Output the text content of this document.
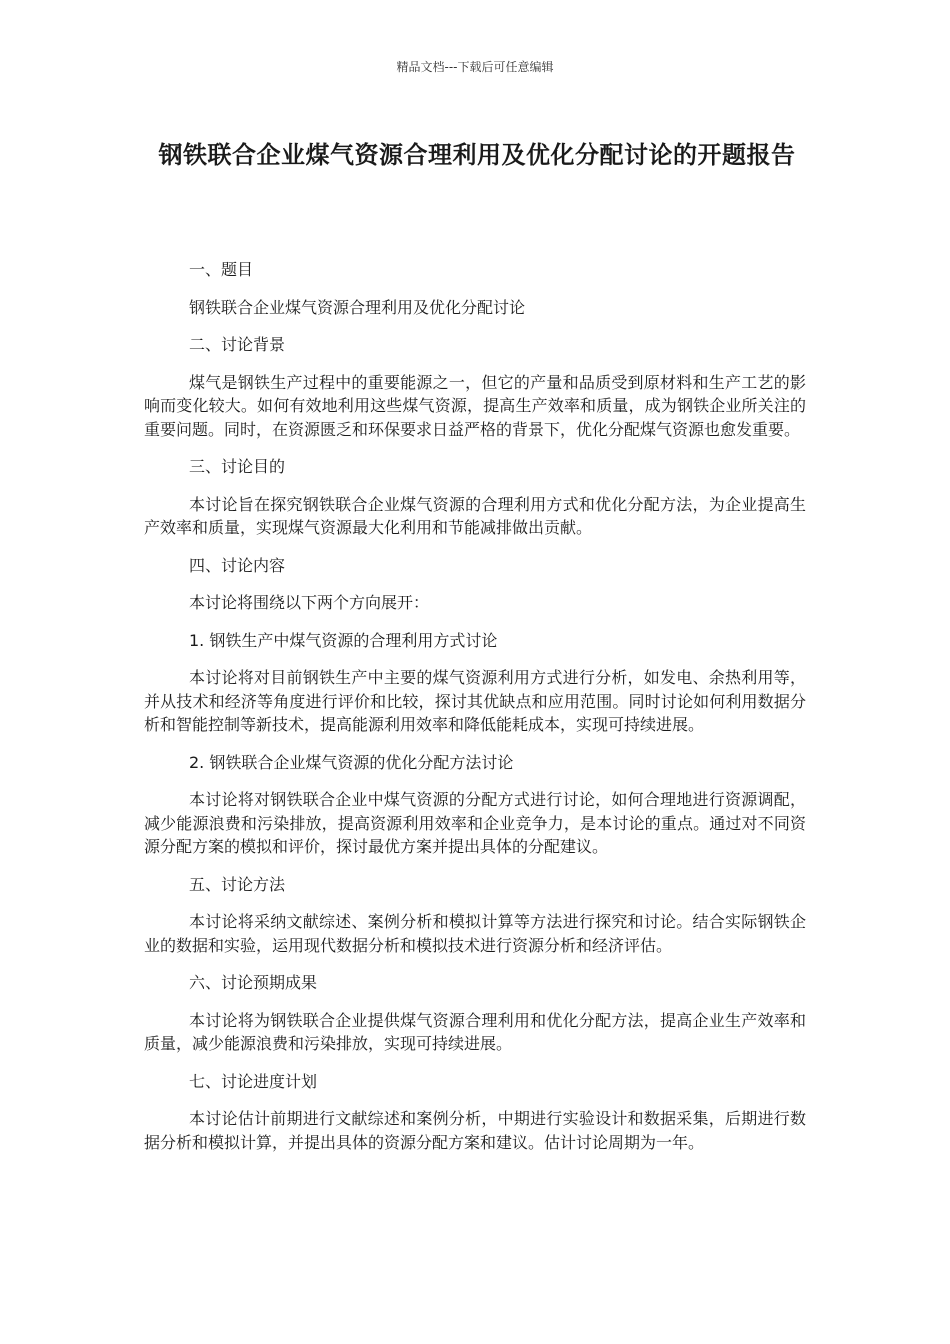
精品文档---下载后可任意编辑
钢铁联合企业煤气资源合理利用及优化分配讨论的开题报告

一、题目

钢铁联合企业煤气资源合理利用及优化分配讨论

二、讨论背景

煤气是钢铁生产过程中的重要能源之一，但它的产量和品质受到原材料和生产工艺的影响而变化较大。如何有效地利用这些煤气资源，提高生产效率和质量，成为钢铁企业所关注的重要问题。同时，在资源匮乏和环保要求日益严格的背景下，优化分配煤气资源也愈发重要。

三、讨论目的

本讨论旨在探究钢铁联合企业煤气资源的合理利用方式和优化分配方法，为企业提高生产效率和质量，实现煤气资源最大化利用和节能减排做出贡献。

四、讨论内容

本讨论将围绕以下两个方向展开：

1. 钢铁生产中煤气资源的合理利用方式讨论

本讨论将对目前钢铁生产中主要的煤气资源利用方式进行分析，如发电、余热利用等，并从技术和经济等角度进行评价和比较，探讨其优缺点和应用范围。同时讨论如何利用数据分析和智能控制等新技术，提高能源利用效率和降低能耗成本，实现可持续进展。

2. 钢铁联合企业煤气资源的优化分配方法讨论

本讨论将对钢铁联合企业中煤气资源的分配方式进行讨论，如何合理地进行资源调配，减少能源浪费和污染排放，提高资源利用效率和企业竞争力，是本讨论的重点。通过对不同资源分配方案的模拟和评价，探讨最优方案并提出具体的分配建议。

五、讨论方法

本讨论将采纳文献综述、案例分析和模拟计算等方法进行探究和讨论。结合实际钢铁企业的数据和实验，运用现代数据分析和模拟技术进行资源分析和经济评估。

六、讨论预期成果

本讨论将为钢铁联合企业提供煤气资源合理利用和优化分配方法，提高企业生产效率和质量，减少能源浪费和污染排放，实现可持续进展。

七、讨论进度计划

本讨论估计前期进行文献综述和案例分析，中期进行实验设计和数据采集，后期进行数据分析和模拟计算，并提出具体的资源分配方案和建议。估计讨论周期为一年。
